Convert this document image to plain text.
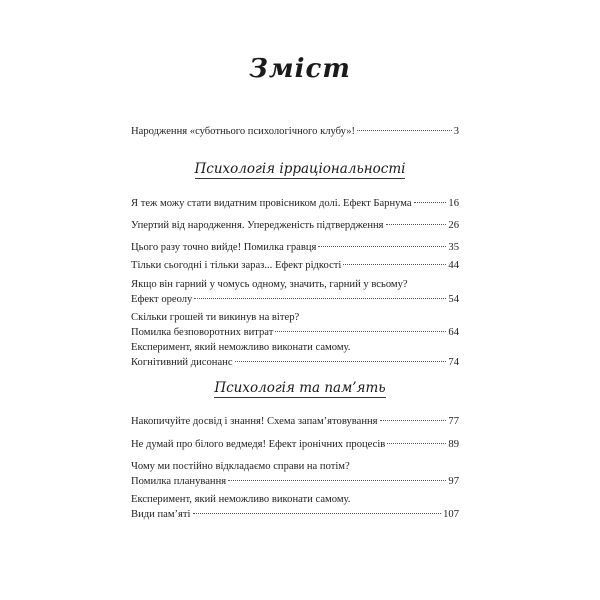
Зміст
Народження «суботнього психологічного клубу»!	3
Психологія ірраціональності
Я теж можу стати видатним провісником долі. Ефект Барнума	16
Упертий від народження. Упередженість підтвердження	26
Цього разу точно вийде! Помилка гравця	35
Тільки сьогодні і тільки зараз... Ефект рідкості	44
Якщо він гарний у чомусь одному, значить, гарний у всьому?
Ефект ореолу	54
Скільки грошей ти викинув на вітер?
Помилка безповоротних витрат	64
Експеримент, який неможливо виконати самому.
Когнітивний дисонанс	74
Психологія та пам’ять
Накопичуйте досвід і знання! Схема запам’ятовування	77
Не думай про білого ведмедя! Ефект іронічних процесів	89
Чому ми постійно відкладаємо справи на потім?
Помилка планування	97
Експеримент, який неможливо виконати самому.
Види пам’яті	107
